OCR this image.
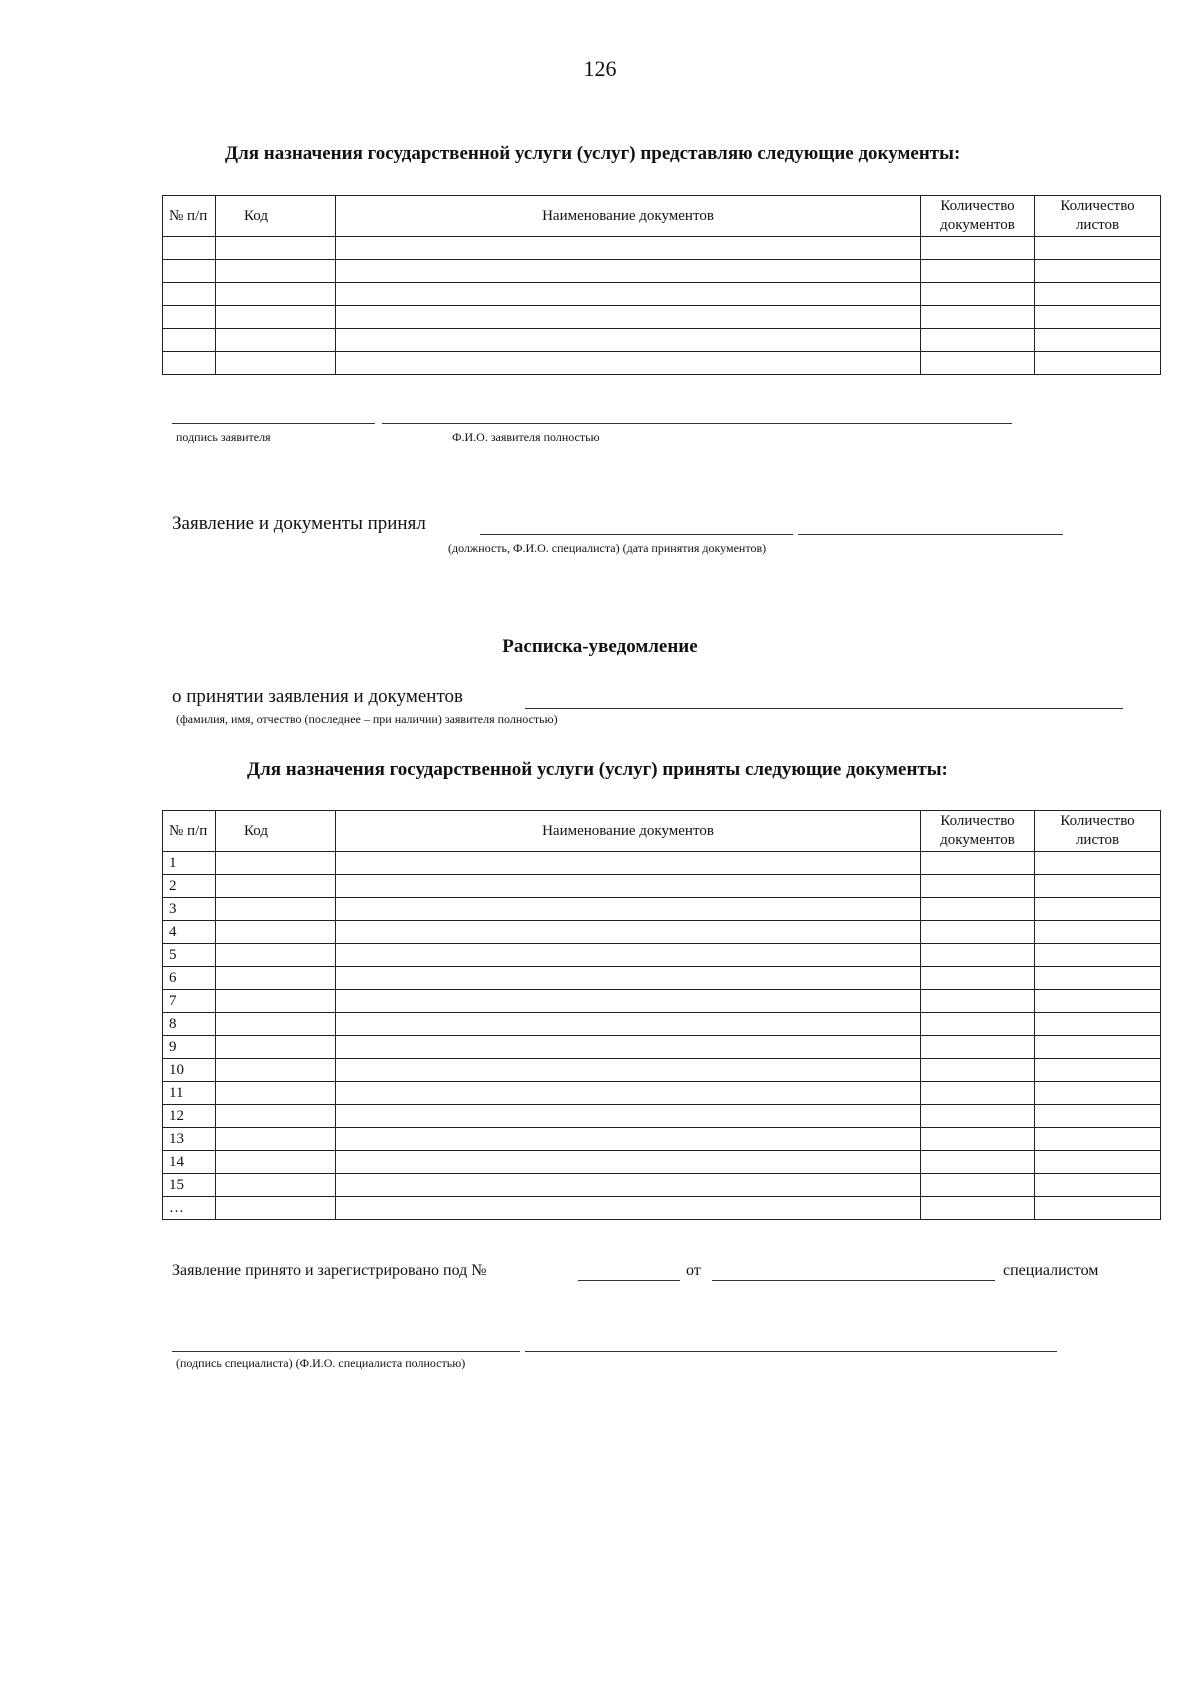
126
Для назначения государственной услуги (услуг) представляю следующие документы:
№ п/п	Код	Наименование документов	Количество документов	Количество листов

подпись заявителя	Ф.И.О. заявителя полностью
Заявление и документы принял
(должность, Ф.И.О. специалиста) (дата принятия документов)
Расписка-уведомление
о принятии заявления и документов
(фамилия, имя, отчество (последнее – при наличии) заявителя полностью)
Для назначения государственной услуги (услуг) приняты следующие документы:
№ п/п	Код	Наименование документов	Количество документов	Количество листов
1				
2				
3				
4				
5				
6				
7				
8				
9				
10				
11				
12				
13				
14				
15				
…				
Заявление принято и зарегистрировано под №	от	специалистом
(подпись специалиста) (Ф.И.О. специалиста полностью)
